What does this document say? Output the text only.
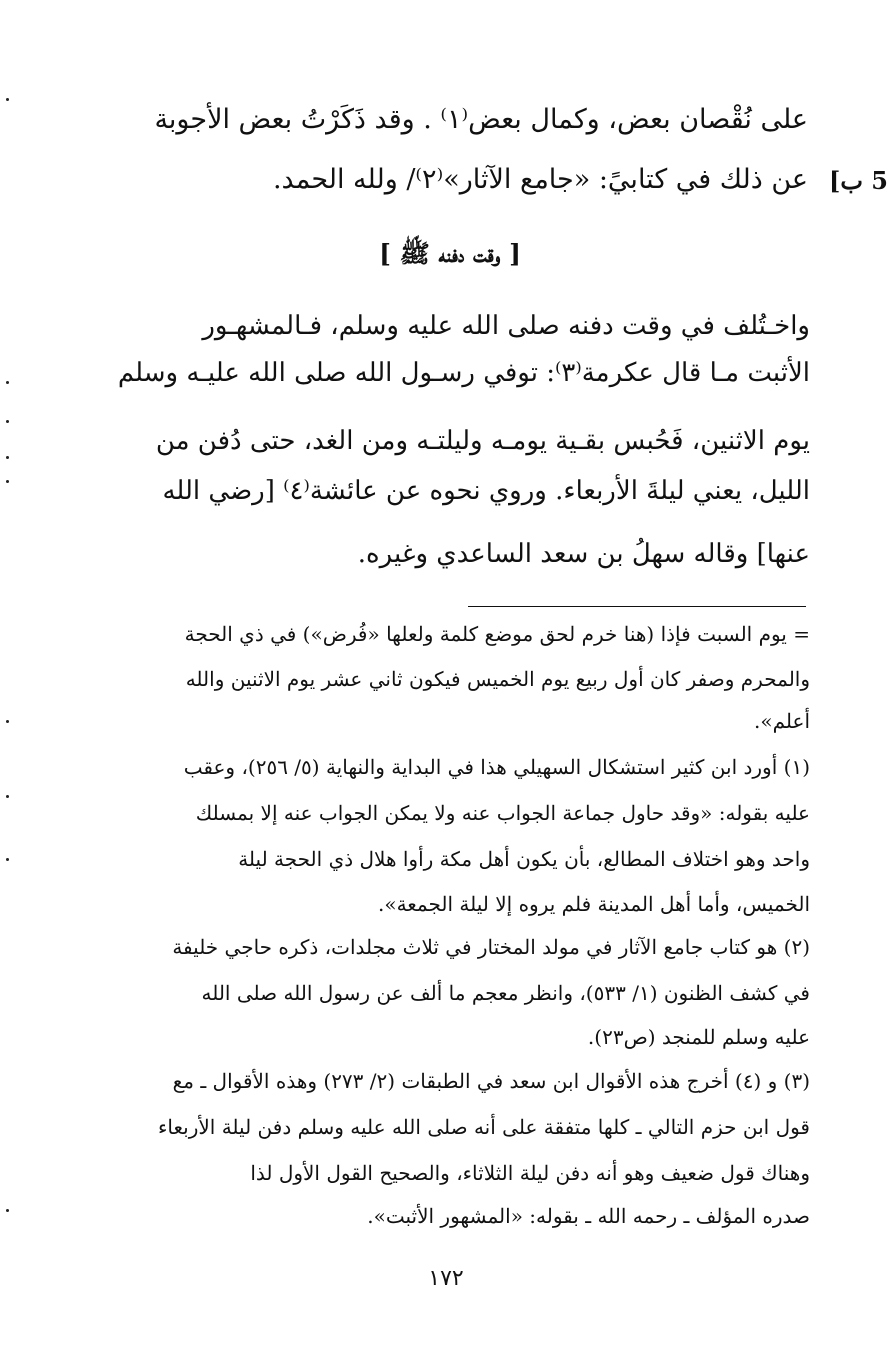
على نُقْصان بعض، وكمال بعض⁽١⁾ . وقد ذَكَرْتُ بعض الأجوبة
عن ذلك في كتابيً: «جامع الآثار»⁽٢⁾/ ولله الحمد. 5 ب]
[ وقت دفنه ﷺ ]
واخـتُلف في وقت دفنه صلى الله عليه وسلم، فـالمشهـور
الأثبت مـا قال عكرمة⁽٣⁾: توفي رسـول الله صلى الله عليـه وسلم
يوم الاثنين، فَحُبس بقـية يومـه وليلتـه ومن الغد، حتى دُفن من
الليل، يعني ليلةَ الأربعاء. وروي نحوه عن عائشة⁽٤⁾ [رضي الله
عنها] وقاله سهلُ بن سعد الساعدي وغيره.
= يوم السبت فإذا (هنا خرم لحق موضع كلمة ولعلها «فُرض») في ذي الحجة
والمحرم وصفر كان أول ربيع يوم الخميس فيكون ثاني عشر يوم الاثنين والله
أعلم».
(١) أورد ابن كثير استشكال السهيلي هذا في البداية والنهاية (٥/ ٢٥٦)، وعقب
عليه بقوله: «وقد حاول جماعة الجواب عنه ولا يمكن الجواب عنه إلا بمسلك
واحد وهو اختلاف المطالع، بأن يكون أهل مكة رأوا هلال ذي الحجة ليلة
الخميس، وأما أهل المدينة فلم يروه إلا ليلة الجمعة».
(٢) هو كتاب جامع الآثار في مولد المختار في ثلاث مجلدات، ذكره حاجي خليفة
في كشف الظنون (١/ ٥٣٣)، وانظر معجم ما ألف عن رسول الله صلى الله
عليه وسلم للمنجد (ص٢٣).
(٣) و (٤) أخرج هذه الأقوال ابن سعد في الطبقات (٢/ ٢٧٣) وهذه الأقوال ـ مع
قول ابن حزم التالي ـ كلها متفقة على أنه صلى الله عليه وسلم دفن ليلة الأربعاء
وهناك قول ضعيف وهو أنه دفن ليلة الثلاثاء، والصحيح القول الأول لذا
صدره المؤلف ـ رحمه الله ـ بقوله: «المشهور الأثبت».
١٧٢
